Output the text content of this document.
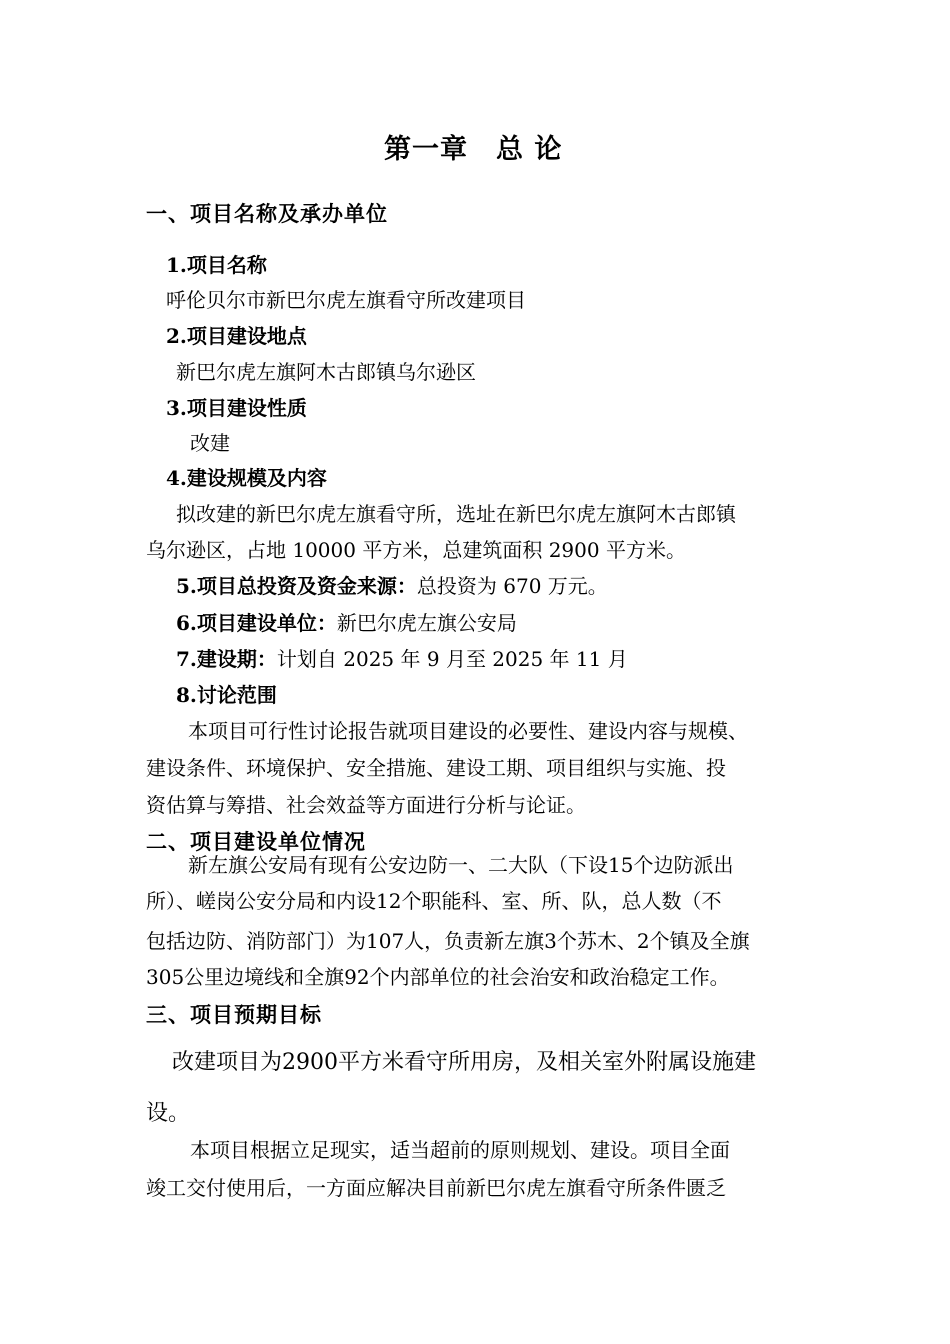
第一章　总 论
一、项目名称及承办单位
1.项目名称
呼伦贝尔市新巴尔虎左旗看守所改建项目
2.项目建设地点
新巴尔虎左旗阿木古郎镇乌尔逊区
3.项目建设性质
改建
4.建设规模及内容
拟改建的新巴尔虎左旗看守所，选址在新巴尔虎左旗阿木古郎镇
乌尔逊区，占地 10000 平方米，总建筑面积 2900 平方米。
5.项目总投资及资金来源：总投资为 670 万元。
6.项目建设单位：新巴尔虎左旗公安局
7.建设期：计划自 2025 年 9 月至 2025 年 11 月
8.讨论范围
本项目可行性讨论报告就项目建设的必要性、建设内容与规模、
建设条件、环境保护、安全措施、建设工期、项目组织与实施、投
资估算与筹措、社会效益等方面进行分析与论证。
二、项目建设单位情况
新左旗公安局有现有公安边防一、二大队（下设15个边防派出
所）、嵯岗公安分局和内设12个职能科、室、所、队，总人数（不
包括边防、消防部门）为107人，负责新左旗3个苏木、2个镇及全旗
305公里边境线和全旗92个内部单位的社会治安和政治稳定工作。
三、项目预期目标
改建项目为2900平方米看守所用房，及相关室外附属设施建
设。
本项目根据立足现实，适当超前的原则规划、建设。项目全面
竣工交付使用后，一方面应解决目前新巴尔虎左旗看守所条件匮乏
